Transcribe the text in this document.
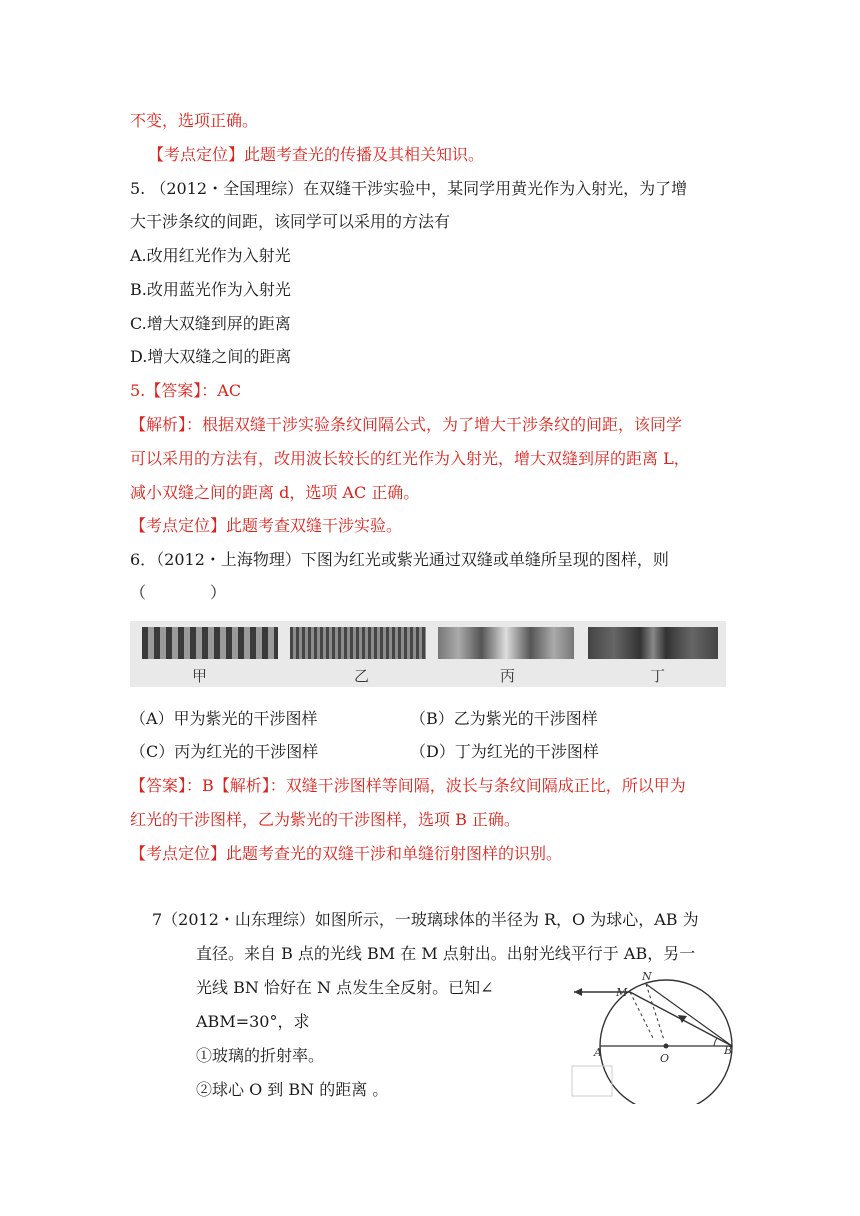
不变，选项正确。
【考点定位】此题考查光的传播及其相关知识。
5. （2012・全国理综）在双缝干涉实验中，某同学用黄光作为入射光，为了增
大干涉条纹的间距，该同学可以采用的方法有
A.改用红光作为入射光
B.改用蓝光作为入射光
C.增大双缝到屏的距离
D.增大双缝之间的距离
5.【答案】：AC
【解析】：根据双缝干涉实验条纹间隔公式，为了增大干涉条纹的间距，该同学
可以采用的方法有，改用波长较长的红光作为入射光，增大双缝到屏的距离 L，
减小双缝之间的距离 d，选项 AC 正确。
【考点定位】此题考查双缝干涉实验。
6．（2012・上海物理）下图为红光或紫光通过双缝或单缝所呈现的图样，则
（　　　　）
甲	乙	丙	丁
（A）甲为紫光的干涉图样	（B）乙为紫光的干涉图样
（C）丙为红光的干涉图样	（D）丁为红光的干涉图样
【答案】：B【解析】：双缝干涉图样等间隔，波长与条纹间隔成正比，所以甲为
红光的干涉图样，乙为紫光的干涉图样，选项 B 正确。
【考点定位】此题考查光的双缝干涉和单缝衍射图样的识别。
7（2012・山东理综）如图所示，一玻璃球体的半径为 R，O 为球心，AB 为
直径。来自 B 点的光线 BM 在 M 点射出。出射光线平行于 AB，另一
光线 BN 恰好在 N 点发生全反射。已知∠
ABM=30°，求
①玻璃的折射率。
②球心 O 到 BN 的距离 。
M
N
A	O
B
